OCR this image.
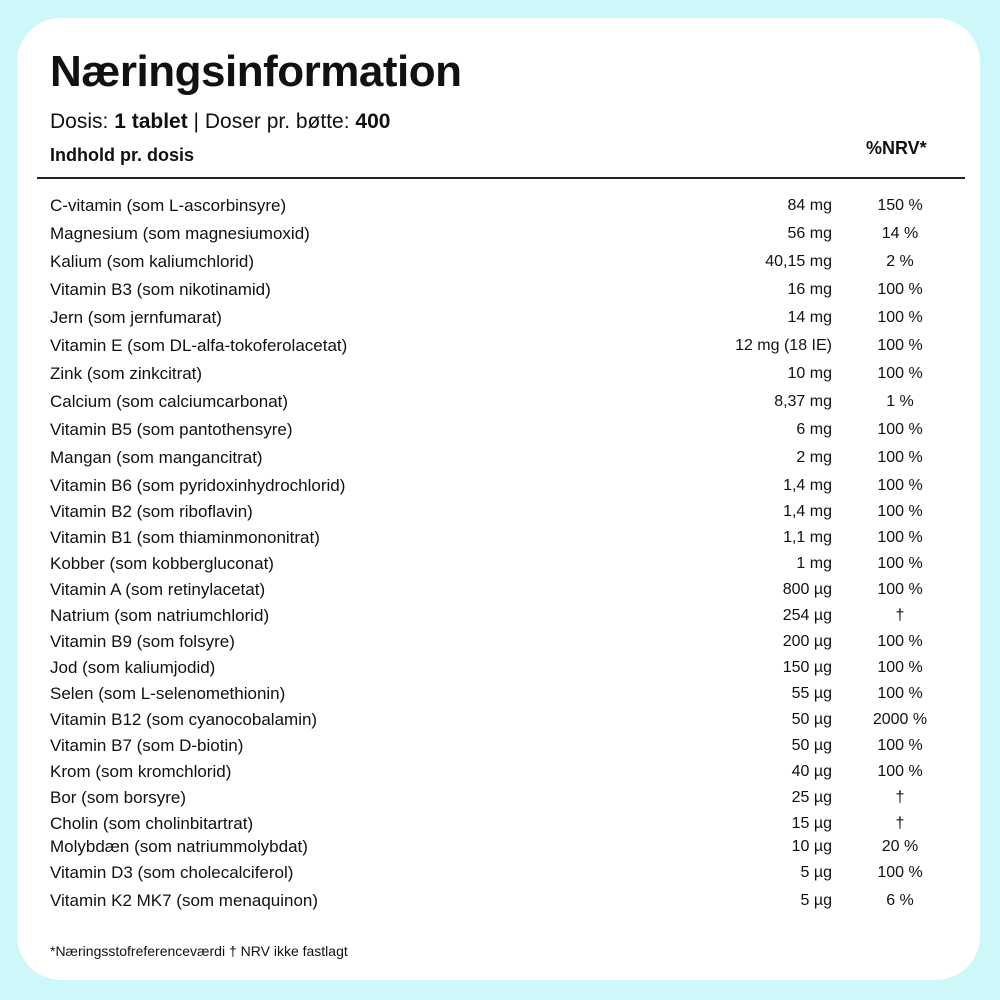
Næringsinformation
Dosis: 1 tablet | Doser pr. bøtte: 400
Indhold pr. dosis	%NRV*
C-vitamin (som L-ascorbinsyre)	84 mg	150 %
Magnesium (som magnesiumoxid)	56 mg	14 %
Kalium (som kaliumchlorid)	40,15 mg	2 %
Vitamin B3 (som nikotinamid)	16 mg	100 %
Jern (som jernfumarat)	14 mg	100 %
Vitamin E (som DL-alfa-tokoferolacetat)	12 mg (18 IE)	100 %
Zink (som zinkcitrat)	10 mg	100 %
Calcium (som calciumcarbonat)	8,37 mg	1 %
Vitamin B5 (som pantothensyre)	6 mg	100 %
Mangan (som mangancitrat)	2 mg	100 %
Vitamin B6 (som pyridoxinhydrochlorid)	1,4 mg	100 %
Vitamin B2 (som riboflavin)	1,4 mg	100 %
Vitamin B1 (som thiaminmononitrat)	1,1 mg	100 %
Kobber (som kobbergluconat)	1 mg	100 %
Vitamin A (som retinylacetat)	800 µg	100 %
Natrium (som natriumchlorid)	254 µg	†
Vitamin B9 (som folsyre)	200 µg	100 %
Jod (som kaliumjodid)	150 µg	100 %
Selen (som L-selenomethionin)	55 µg	100 %
Vitamin B12 (som cyanocobalamin)	50 µg	2000 %
Vitamin B7 (som D-biotin)	50 µg	100 %
Krom (som kromchlorid)	40 µg	100 %
Bor (som borsyre)	25 µg	†
Cholin (som cholinbitartrat)	15 µg	†
Molybdæn (som natriummolybdat)	10 µg	20 %
Vitamin D3 (som cholecalciferol)	5 µg	100 %
Vitamin K2 MK7 (som menaquinon)	5 µg	6 %
*Næringsstofreferenceværdi † NRV ikke fastlagt
